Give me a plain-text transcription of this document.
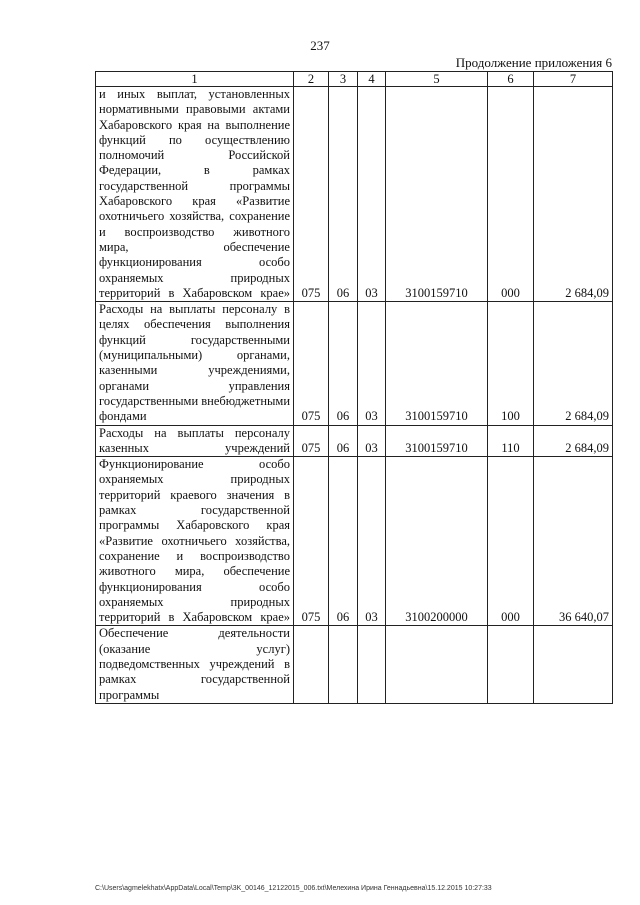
237
Продолжение приложения 6
1	2	3	4	5	6	7
и иных выплат, установленных нормативными правовыми актами Хабаровского края на выполнение функций по осуществлению полномочий Российской Федерации, в рамках государственной программы Хабаровского края «Развитие охотничьего хозяйства, сохранение и воспроизводство животного мира, обеспечение функционирования особо охраняемых природных территорий в Хабаровском крае»	075	06	03	3100159710	000	2 684,09
Расходы на выплаты персоналу в целях обеспечения выполнения функций государственными (муниципальными) органами, казенными учреждениями, органами управления государственными внебюджетными фондами	075	06	03	3100159710	100	2 684,09
Расходы на выплаты персоналу казенных учреждений	075	06	03	3100159710	110	2 684,09
Функционирование особо охраняемых природных территорий краевого значения в рамках государственной программы Хабаровского края «Развитие охотничьего хозяйства, сохранение и воспроизводство животного мира, обеспечение функционирования особо охраняемых природных территорий в Хабаровском крае»	075	06	03	3100200000	000	36 640,07
Обеспечение деятельности (оказание услуг) подведомственных учреждений в рамках государственной программы						
C:\Users\agmelekhatx\AppData\Local\Temp\3K_00146_12122015_006.txt\Мелехина Ирина Геннадьевна\15.12.2015 10:27:33
